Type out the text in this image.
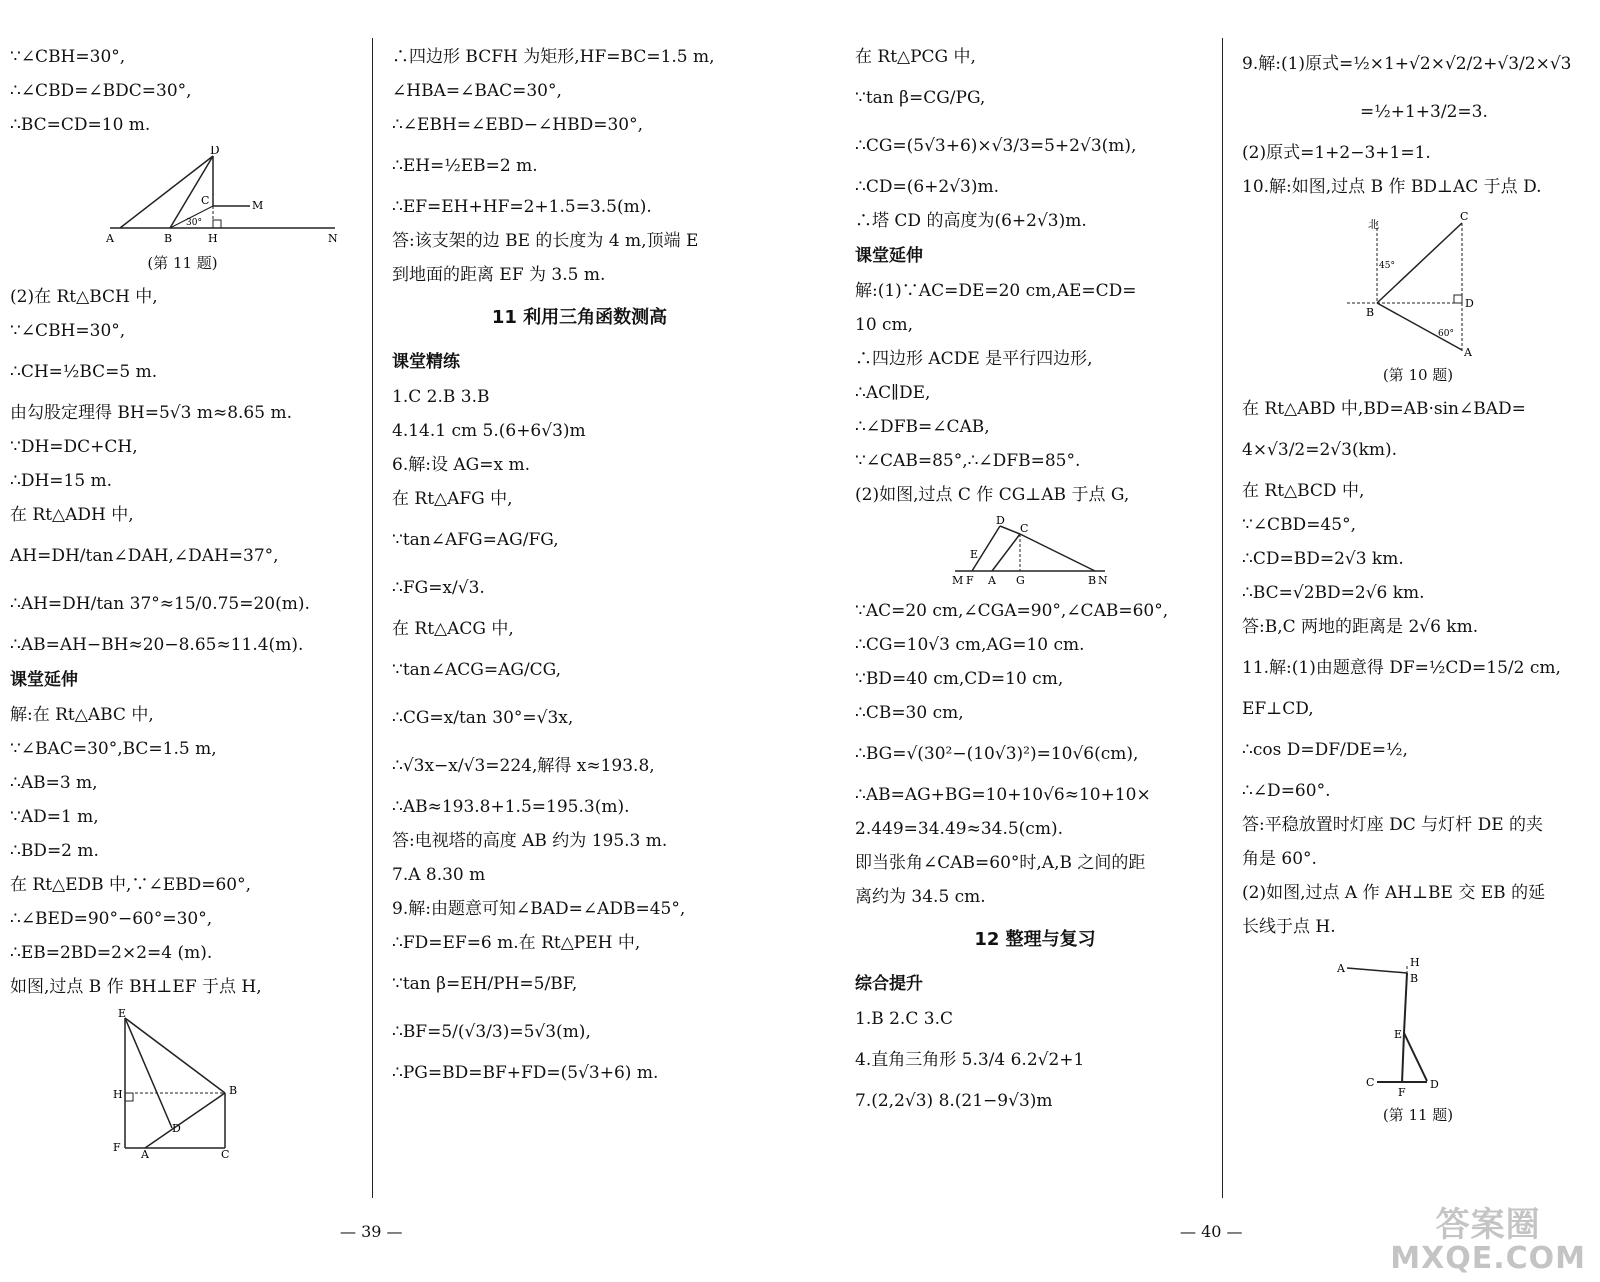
∵∠CBH=30°,

∴∠CBD=∠BDC=30°,

∴BC=CD=10 m.

D
C	M
A	B
30°
H	N
(第 11 题)

(2)在 Rt△BCH 中,

∵∠CBH=30°,

∴CH=½BC=5 m.

由勾股定理得 BH=5√3 m≈8.65 m.

∵DH=DC+CH,

∴DH=15 m.

在 Rt△ADH 中,

AH=DH/tan∠DAH,∠DAH=37°,

∴AH=DH/tan 37°≈15/0.75=20(m).

∴AB=AH−BH≈20−8.65≈11.4(m).

课堂延伸

解:在 Rt△ABC 中,

∵∠BAC=30°,BC=1.5 m,

∴AB=3 m,

∵AD=1 m,

∴BD=2 m.

在 Rt△EDB 中,∵∠EBD=60°,

∴∠BED=90°−60°=30°,

∴EB=2BD=2×2=4 (m).

如图,过点 B 作 BH⊥EF 于点 H,

E
H	B
D
F
A	C

∴四边形 BCFH 为矩形,HF=BC=1.5 m,

∠HBA=∠BAC=30°,

∴∠EBH=∠EBD−∠HBD=30°,

∴EH=½EB=2 m.

∴EF=EH+HF=2+1.5=3.5(m).

答:该支架的边 BE 的长度为 4 m,顶端 E

到地面的距离 EF 为 3.5 m.

11 利用三角函数测高
课堂精练

1.C 2.B 3.B

4.14.1 cm 5.(6+6√3)m

6.解:设 AG=x m.

在 Rt△AFG 中,

∵tan∠AFG=AG/FG,

∴FG=x/√3.

在 Rt△ACG 中,

∵tan∠ACG=AG/CG,

∴CG=x/tan 30°=√3x,

∴√3x−x/√3=224,解得 x≈193.8,

∴AB≈193.8+1.5=195.3(m).

答:电视塔的高度 AB 约为 195.3 m.

7.A 8.30 m

9.解:由题意可知∠BAD=∠ADB=45°,

∴FD=EF=6 m.在 Rt△PEH 中,

∵tan β=EH/PH=5/BF,

∴BF=5/(√3/3)=5√3(m),

∴PG=BD=BF+FD=(5√3+6) m.

在 Rt△PCG 中,

∵tan β=CG/PG,

∴CG=(5√3+6)×√3/3=5+2√3(m),

∴CD=(6+2√3)m.

∴塔 CD 的高度为(6+2√3)m.

课堂延伸

解:(1)∵AC=DE=20 cm,AE=CD=

10 cm,

∴四边形 ACDE 是平行四边形,

∴AC∥DE,

∴∠DFB=∠CAB,

∵∠CAB=85°,∴∠DFB=85°.

(2)如图,过点 C 作 CG⊥AB 于点 G,

D
C
E
M F A G	B N

∵AC=20 cm,∠CGA=90°,∠CAB=60°,

∴CG=10√3 cm,AG=10 cm.

∵BD=40 cm,CD=10 cm,

∴CB=30 cm,

∴BG=√(30²−(10√3)²)=10√6(cm),

∴AB=AG+BG=10+10√6≈10+10×

2.449=34.49≈34.5(cm).

即当张角∠CAB=60°时,A,B 之间的距

离约为 34.5 cm.

12 整理与复习
综合提升

1.B 2.C 3.C

4.直角三角形 5.3/4 6.2√2+1

7.(2,2√3) 8.(21−9√3)m

9.解:(1)原式=½×1+√2×√2/2+√3/2×√3

=½+1+3/2=3.

(2)原式=1+2−3+1=1.

10.解:如图,过点 B 作 BD⊥AC 于点 D.

北
C
45°
B
D
60°
A
(第 10 题)

在 Rt△ABD 中,BD=AB·sin∠BAD=

4×√3/2=2√3(km).

在 Rt△BCD 中,

∵∠CBD=45°,

∴CD=BD=2√3 km.

∴BC=√2BD=2√6 km.

答:B,C 两地的距离是 2√6 km.

11.解:(1)由题意得 DF=½CD=15/2 cm,

EF⊥CD,

∴cos D=DF/DE=½,

∴∠D=60°.

答:平稳放置时灯座 DC 与灯杆 DE 的夹

角是 60°.

(2)如图,过点 A 作 AH⊥BE 交 EB 的延

长线于点 H.

A	H
B
E
C
F
D
(第 11 题)
— 39 —	— 40 —	答案圈
MXQE.COM
